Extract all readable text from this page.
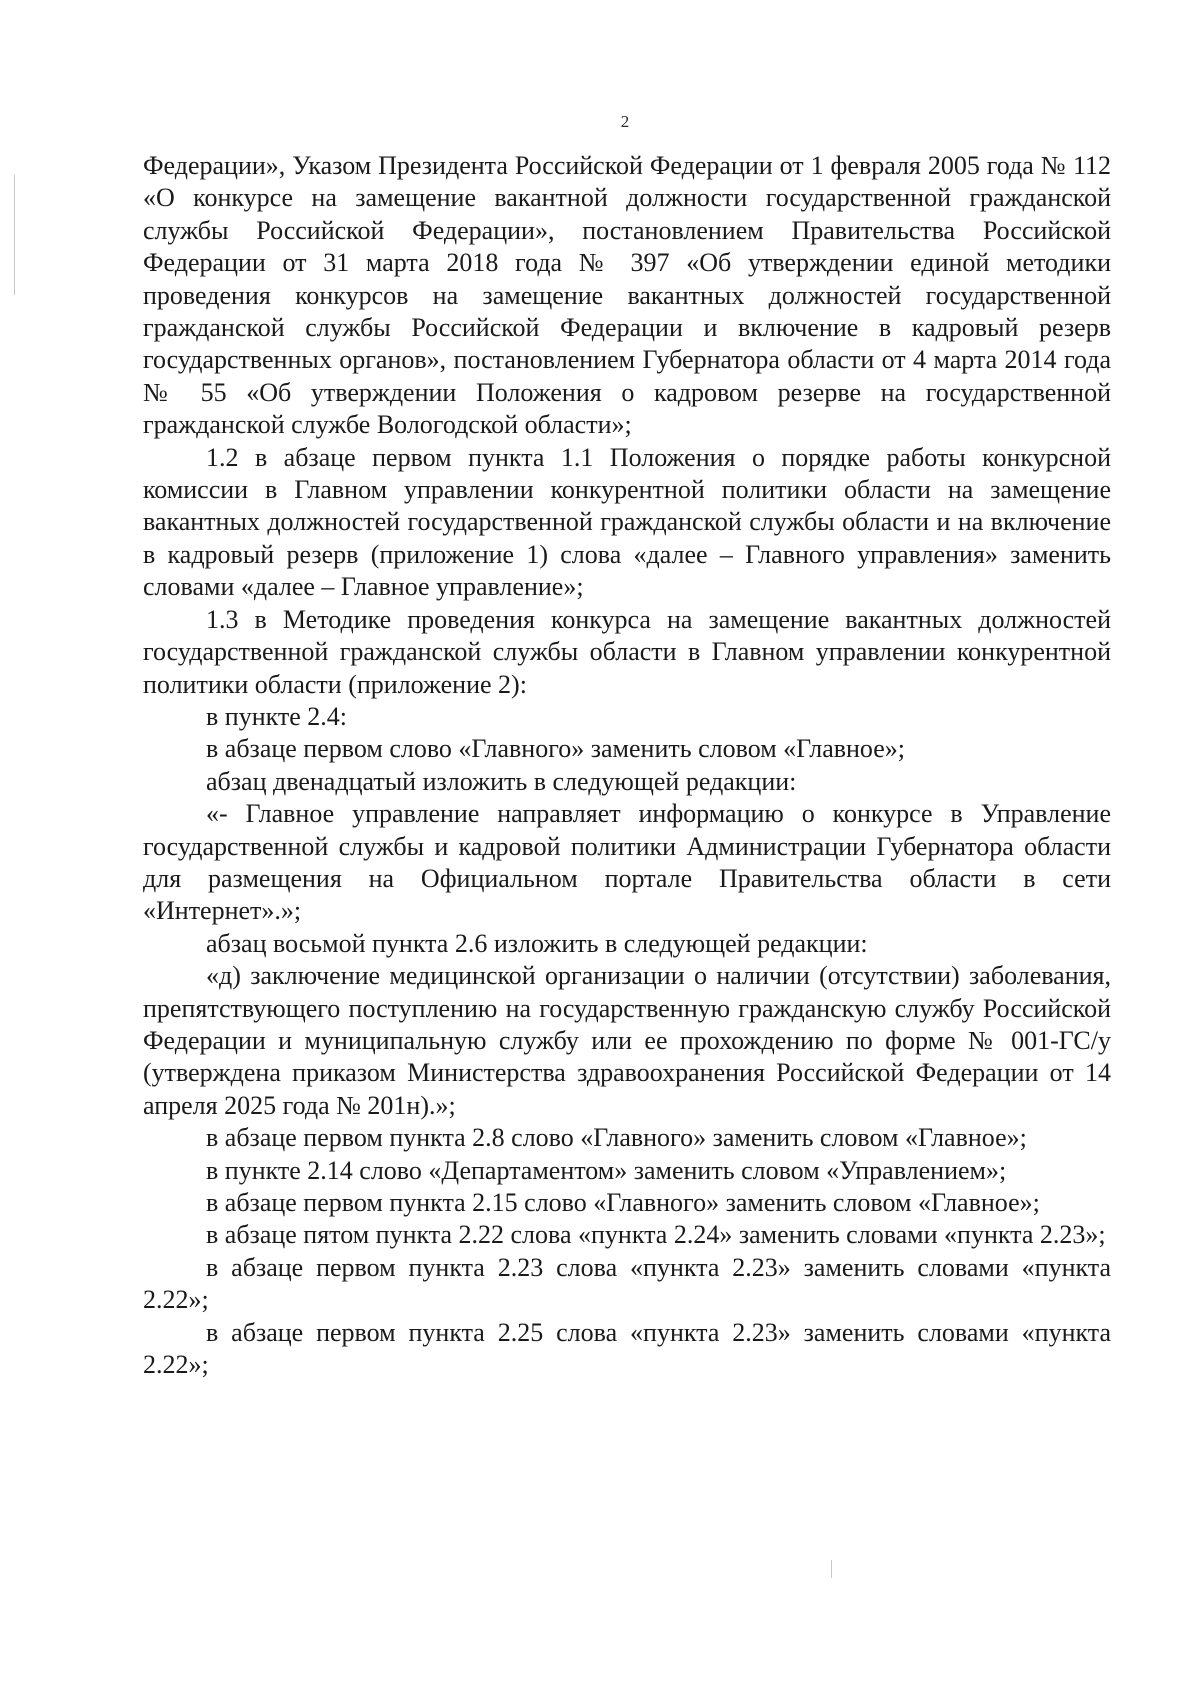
2

Федерации», Указом Президента Российской Федерации от 1 февраля 2005 года № 112 «О конкурсе на замещение вакантной должности государственной гражданской службы Российской Федерации», постановлением Правительства Российской Федерации от 31 марта 2018 года № 397 «Об утверждении единой методики проведения конкурсов на замещение вакантных должностей государственной гражданской службы Российской Федерации и включение в кадровый резерв государственных органов», постановлением Губернатора области от 4 марта 2014 года № 55 «Об утверждении Положения о кадровом резерве на государственной гражданской службе Вологодской области»;

1.2 в абзаце первом пункта 1.1 Положения о порядке работы конкурсной комиссии в Главном управлении конкурентной политики области на замещение вакантных должностей государственной гражданской службы области и на включение в кадровый резерв (приложение 1) слова «далее – Главного управления» заменить словами «далее – Главное управление»;

1.3 в Методике проведения конкурса на замещение вакантных должностей государственной гражданской службы области в Главном управлении конкурентной политики области (приложение 2):

в пункте 2.4:

в абзаце первом слово «Главного» заменить словом «Главное»;

абзац двенадцатый изложить в следующей редакции:

«- Главное управление направляет информацию о конкурсе в Управление государственной службы и кадровой политики Администрации Губернатора области для размещения на Официальном портале Правительства области в сети «Интернет».»;

абзац восьмой пункта 2.6 изложить в следующей редакции:

«д) заключение медицинской организации о наличии (отсутствии) заболевания, препятствующего поступлению на государственную гражданскую службу Российской Федерации и муниципальную службу или ее прохождению по форме № 001-ГС/у (утверждена приказом Министерства здравоохранения Российской Федерации от 14 апреля 2025 года № 201н).»;

в абзаце первом пункта 2.8 слово «Главного» заменить словом «Главное»;

в пункте 2.14 слово «Департаментом» заменить словом «Управлением»;

в абзаце первом пункта 2.15 слово «Главного» заменить словом «Главное»;

в абзаце пятом пункта 2.22 слова «пункта 2.24» заменить словами «пункта 2.23»;

в абзаце первом пункта 2.23 слова «пункта 2.23» заменить словами «пункта 2.22»;

в абзаце первом пункта 2.25 слова «пункта 2.23» заменить словами «пункта 2.22»;
